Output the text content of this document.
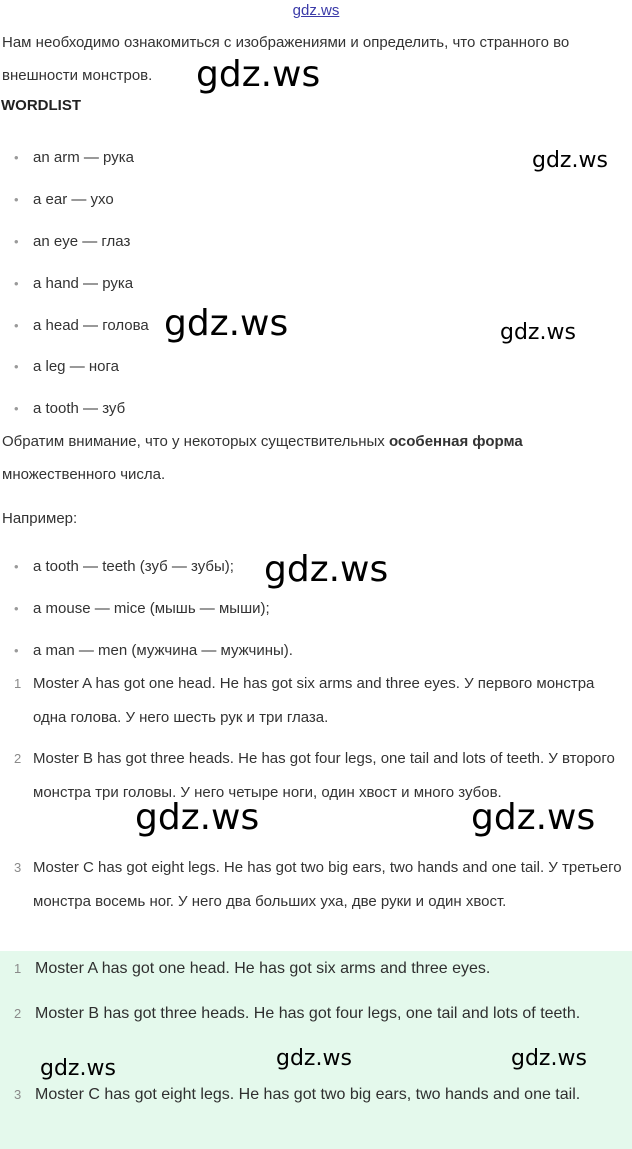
gdz.ws

Нам необходимо ознакомиться с изображениями и определить, что странного во внешности монстров.

WORDLIST
• an arm — рука
• a ear — ухо
• an eye — глаз
• a hand — рука
• a head — голова
• a leg — нога
• a tooth — зуб

Обратим внимание, что у некоторых существительных особенная форма множественного числа.

Например:

• a tooth — teeth (зуб — зубы);
• a mouse — mice (мышь — мыши);
• a man — men (мужчина — мужчины).
1 Moster A has got one head. He has got six arms and three eyes. У первого монстра одна голова. У него шесть рук и три глаза.

2 Moster B has got three heads. He has got four legs, one tail and lots of teeth. У второго монстра три головы. У него четыре ноги, один хвост и много зубов.

3 Moster C has got eight legs. He has got two big ears, two hands and one tail. У третьего монстра восемь ног. У него два больших уха, две руки и один хвост.

1 Moster A has got one head. He has got six arms and three eyes.

2 Moster B has got three heads. He has got four legs, one tail and lots of teeth.

3 Moster C has got eight legs. He has got two big ears, two hands and one tail.

gdz.ws
gdz.ws
gdz.ws	gdz.ws
gdz.ws
gdz.ws	gdz.ws
gdz.ws	gdz.ws
gdz.ws
